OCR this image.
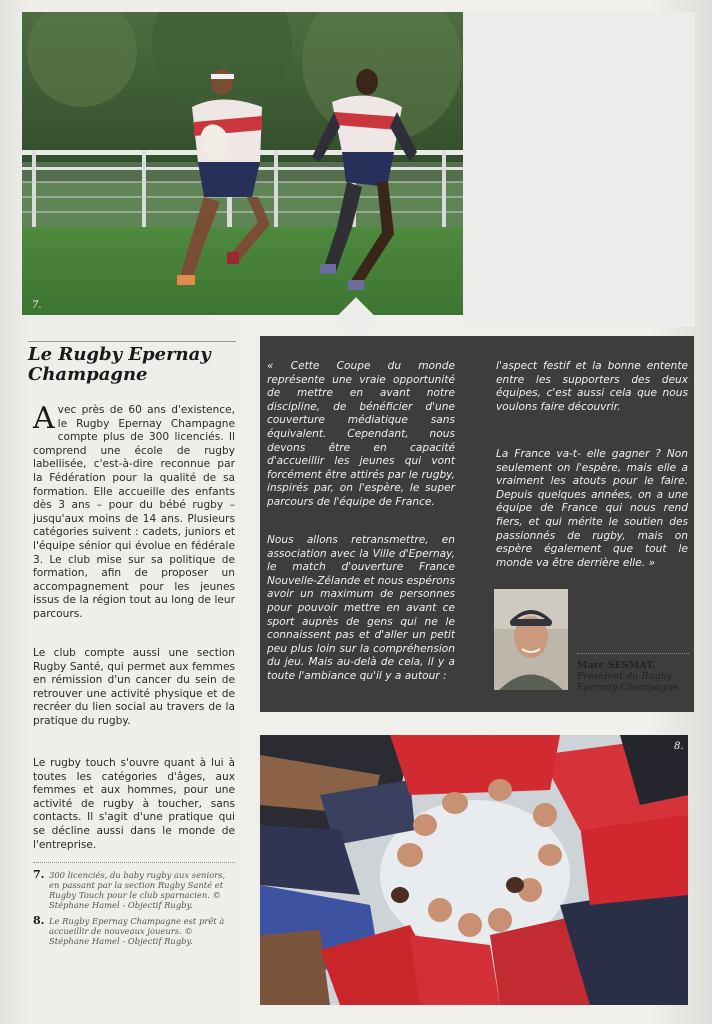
7.
Le Rugby Epernay Champagne
Avec près de 60 ans d'existence, le Rugby Epernay Champagne compte plus de 300 licenciés. Il comprend une école de rugby labellisée, c'est-à-dire reconnue par la Fédération pour la qualité de sa formation. Elle accueille des enfants dès 3 ans – pour du bébé rugby – jusqu'aux moins de 14 ans. Plusieurs catégories suivent : cadets, juniors et l'équipe sénior qui évolue en fédérale 3. Le club mise sur sa politique de formation, afin de proposer un accompagnement pour les jeunes issus de la région tout au long de leur parcours.
Le club compte aussi une section Rugby Santé, qui permet aux femmes en rémission d'un cancer du sein de retrouver une activité physique et de recréer du lien social au travers de la pratique du rugby.
Le rugby touch s'ouvre quant à lui à toutes les catégories d'âges, aux femmes et aux hommes, pour une activité de rugby à toucher, sans contacts. Il s'agit d'une pratique qui se décline aussi dans le monde de l'entreprise.
« Cette Coupe du monde représente une vraie opportunité de mettre en avant notre discipline, de bénéficier d'une couverture médiatique sans équivalent. Cependant, nous devons être en capacité d'accueillir les jeunes qui vont forcément être attirés par le rugby, inspirés par, on l'espère, le super parcours de l'équipe de France.
Nous allons retransmettre, en association avec la Ville d'Epernay, le match d'ouverture France Nouvelle-Zélande et nous espérons avoir un maximum de personnes pour pouvoir mettre en avant ce sport auprès de gens qui ne le connaissent pas et d'aller un petit peu plus loin sur la compréhension du jeu. Mais au-delà de cela, il y a toute l'ambiance qu'il y a autour :
l'aspect festif et la bonne entente entre les supporters des deux équipes, c'est aussi cela que nous voulons faire découvrir.
La France va-t- elle gagner ? Non seulement on l'espère, mais elle a vraiment les atouts pour le faire. Depuis quelques années, on a une équipe de France qui nous rend fiers, et qui mérite le soutien des passionnés de rugby, mais on espère également que tout le monde va être derrière elle. »
Marc SESMAT,
Président du Rugby Epernay Champagne.
8.
7. 300 licenciés, du baby rugby aux seniors, en passant par la section Rugby Santé et Rugby Touch pour le club sparnacien. © Stéphane Hamel - Objectif Rugby.
8. Le Rugby Epernay Champagne est prêt à accueillir de nouveaux joueurs. © Stéphane Hamel - Objectif Rugby.
